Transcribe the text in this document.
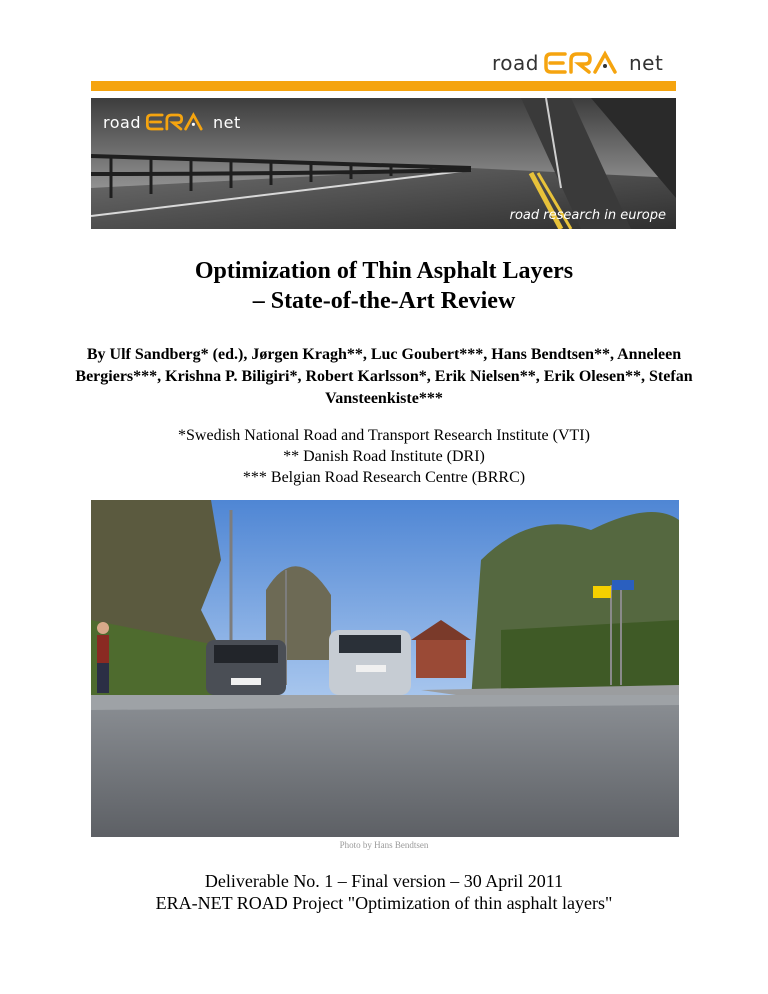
road	net
road	net
road research in europe
Optimization of Thin Asphalt Layers
– State-of-the-Art Review
By Ulf Sandberg* (ed.), Jørgen Kragh**, Luc Goubert***, Hans Bendtsen**, Anneleen Bergiers***, Krishna P. Biligiri*, Robert Karlsson*, Erik Nielsen**, Erik Olesen**, Stefan Vansteenkiste***
*Swedish National Road and Transport Research Institute (VTI)
** Danish Road Institute (DRI)
*** Belgian Road Research Centre (BRRC)
Photo by Hans Bendtsen
Deliverable No. 1 – Final version – 30 April 2011
ERA-NET ROAD Project "Optimization of thin asphalt layers"
